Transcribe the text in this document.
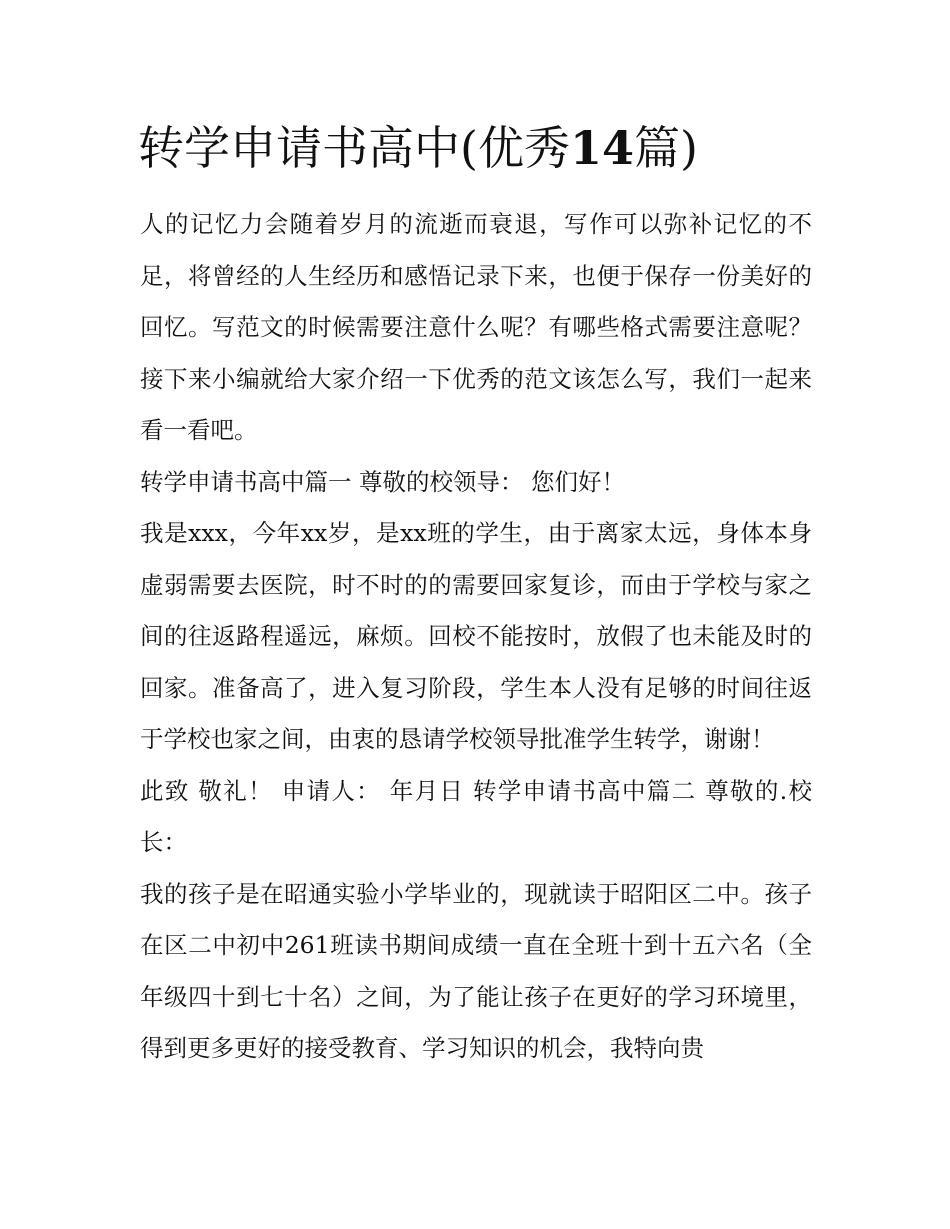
转学申请书高中(优秀14篇)

人的记忆力会随着岁月的流逝而衰退，写作可以弥补记忆的不足，将曾经的人生经历和感悟记录下来，也便于保存一份美好的回忆。写范文的时候需要注意什么呢？有哪些格式需要注意呢？接下来小编就给大家介绍一下优秀的范文该怎么写，我们一起来看一看吧。

转学申请书高中篇一 尊敬的校领导： 您们好！

我是xxx，今年xx岁，是xx班的学生，由于离家太远，身体本身虚弱需要去医院，时不时的的需要回家复诊，而由于学校与家之间的往返路程遥远，麻烦。回校不能按时，放假了也未能及时的回家。准备高了，进入复习阶段，学生本人没有足够的时间往返于学校也家之间，由衷的恳请学校领导批准学生转学，谢谢！

此致 敬礼！ 申请人： 年月日 转学申请书高中篇二 尊敬的.校长：

我的孩子是在昭通实验小学毕业的，现就读于昭阳区二中。孩子在区二中初中261班读书期间成绩一直在全班十到十五六名（全年级四十到七十名）之间，为了能让孩子在更好的学习环境里，得到更多更好的接受教育、学习知识的机会，我特向贵
